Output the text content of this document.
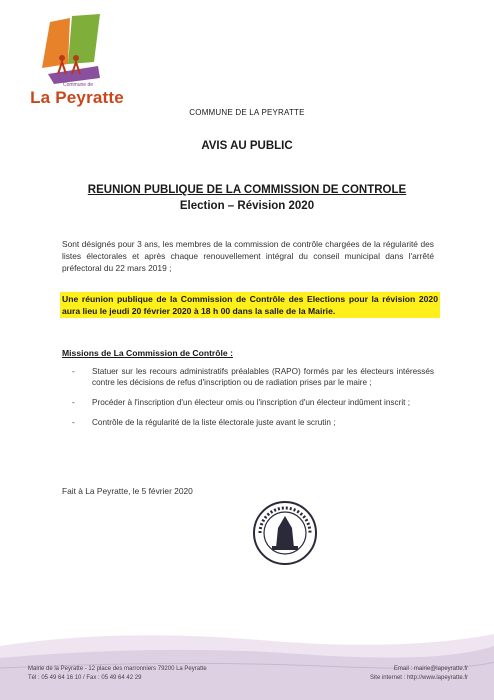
Commune de
La Peyratte
COMMUNE DE LA PEYRATTE
AVIS AU PUBLIC
REUNION PUBLIQUE DE LA COMMISSION DE CONTROLE
Election – Révision 2020
Sont désignés pour 3 ans, les membres de la commission de contrôle chargées de la régularité des listes électorales et après chaque renouvellement intégral du conseil municipal dans l'arrêté préfectoral du 22 mars 2019 ;
Une réunion publique de la Commission de Contrôle des Elections pour la révision 2020 aura lieu le jeudi 20 février 2020 à 18 h 00 dans la salle de la Mairie.
Missions de La Commission de Contrôle :
- Statuer sur les recours administratifs préalables (RAPO) formés par les électeurs intéressés contre les décisions de refus d'inscription ou de radiation prises par le maire ;
- Procéder à l'inscription d'un électeur omis ou l'inscription d'un électeur indûment inscrit ;
- Contrôle de la régularité de la liste électorale juste avant le scrutin ;
Fait à La Peyratte, le 5 février 2020
Mairie de la Peyratte - 12 place des marronniers 79200 La Peyratte
Tél : 05 49 64 16 10 / Fax : 05 49 64 42 29
Email : mairie@lapeyratte.fr
Site internet : http://www.lapeyratte.fr
